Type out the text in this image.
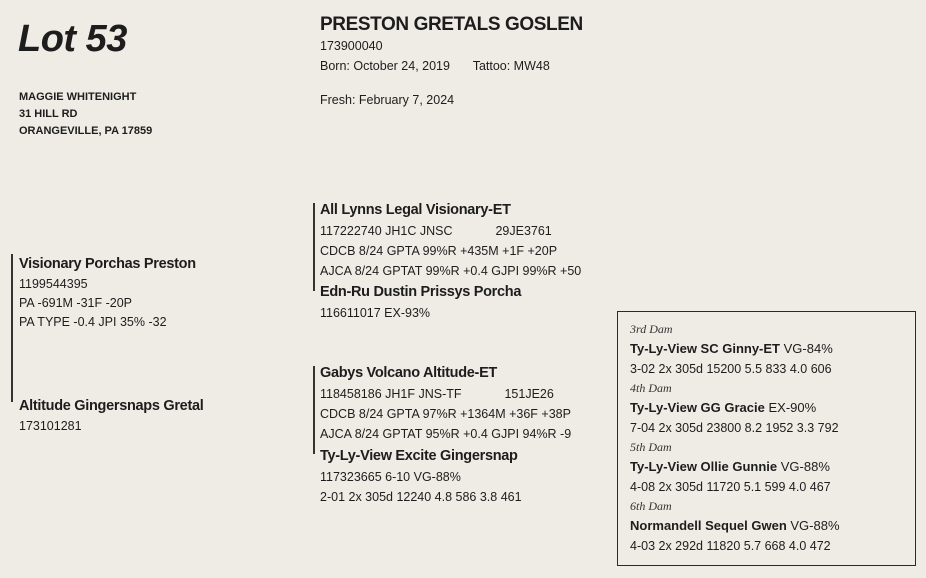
Lot 53
MAGGIE WHITENIGHT
31 HILL RD
ORANGEVILLE, PA 17859
PRESTON GRETALS GOSLEN
173900040
Born: October 24, 2019 Tattoo: MW48
Fresh: February 7, 2024
Visionary Porchas Preston
1199544395
PA -691M -31F -20P
PA TYPE -0.4 JPI 35% -32
Altitude Gingersnaps Gretal
173101281
All Lynns Legal Visionary-ET
117222740 JH1C JNSC	29JE3761
CDCB 8/24 GPTA 99%R +435M +1F +20P
AJCA 8/24 GPTAT 99%R +0.4 GJPI 99%R +50
Edn-Ru Dustin Prissys Porcha
116611017 EX-93%
Gabys Volcano Altitude-ET
118458186 JH1F JNS-TF	151JE26
CDCB 8/24 GPTA 97%R +1364M +36F +38P
AJCA 8/24 GPTAT 95%R +0.4 GJPI 94%R -9
Ty-Ly-View Excite Gingersnap
117323665 6-10 VG-88%
2-01 2x 305d 12240 4.8 586 3.8 461
3rd Dam
Ty-Ly-View SC Ginny-ET VG-84%
3-02 2x 305d 15200 5.5 833 4.0 606
4th Dam
Ty-Ly-View GG Gracie EX-90%
7-04 2x 305d 23800 8.2 1952 3.3 792
5th Dam
Ty-Ly-View Ollie Gunnie VG-88%
4-08 2x 305d 11720 5.1 599 4.0 467
6th Dam
Normandell Sequel Gwen VG-88%
4-03 2x 292d 11820 5.7 668 4.0 472
